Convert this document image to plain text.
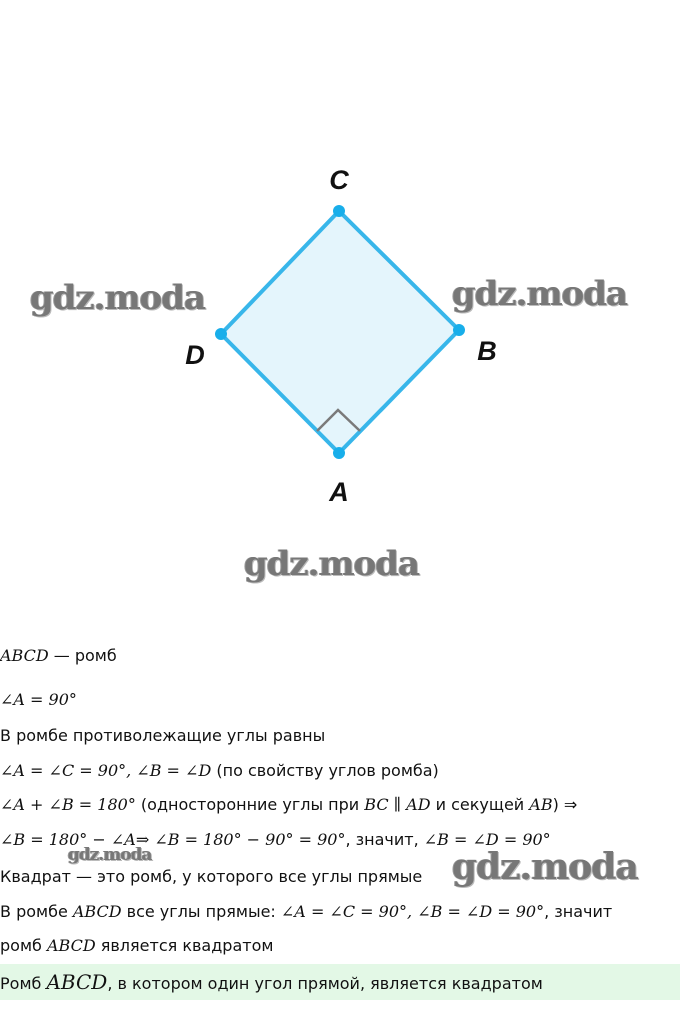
C
B
A
D
gdz.moda	gdz.moda
gdz.moda
ABCD — ромб
∠A = 90°
В ромбе противолежащие углы равны
∠A = ∠C = 90°, ∠B = ∠D (по свойству углов ромба)
∠A + ∠B = 180° (односторонние углы при BC ∥ AD и секущей AB) ⇒
∠B = 180° − ∠A⇒ ∠B = 180° − 90° = 90°, значит, ∠B = ∠D = 90°
Квадрат — это ромб, у которого все углы прямые
В ромбе ABCD все углы прямые: ∠A = ∠C = 90°, ∠B = ∠D = 90°, значит
ромб ABCD является квадратом
gdz.moda	gdz.moda
Ромб ABCD, в котором один угол прямой, является квадратом
